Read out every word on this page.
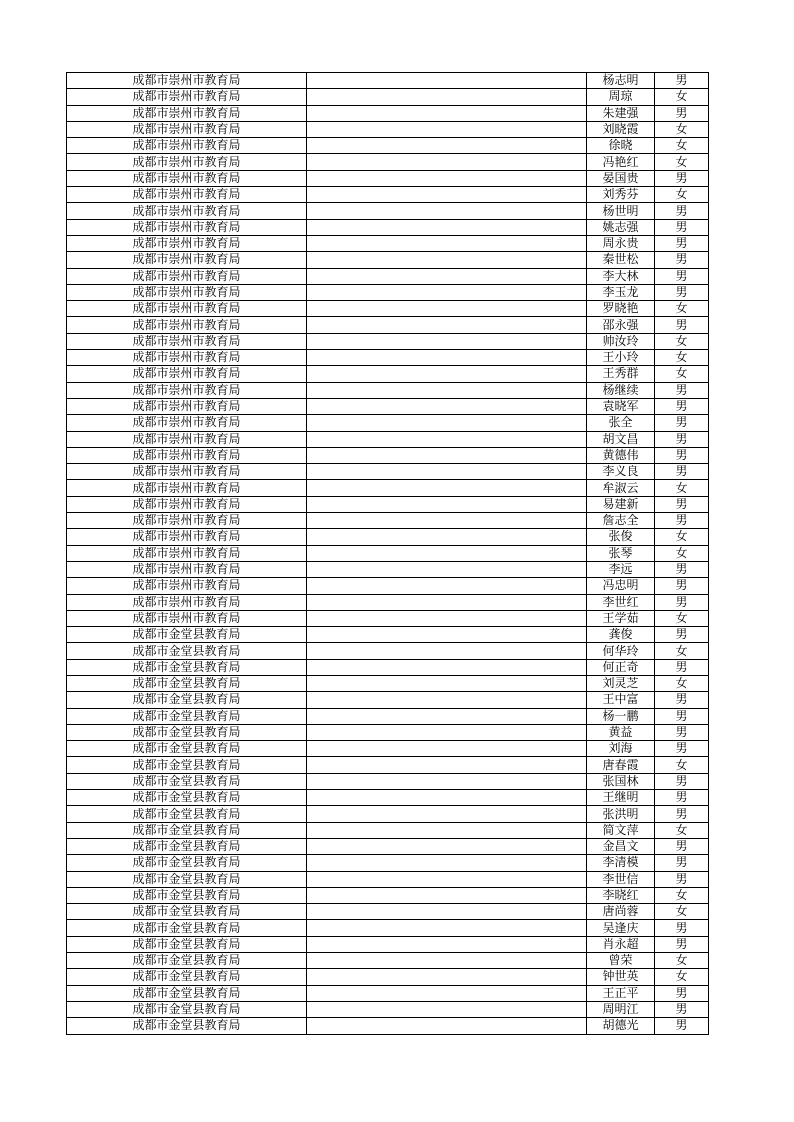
成都市崇州市教育局		杨志明	男
成都市崇州市教育局		周琼	女
成都市崇州市教育局		朱建强	男
成都市崇州市教育局		刘晓霞	女
成都市崇州市教育局		徐晓	女
成都市崇州市教育局		冯艳红	女
成都市崇州市教育局		晏国贵	男
成都市崇州市教育局		刘秀芬	女
成都市崇州市教育局		杨世明	男
成都市崇州市教育局		姚志强	男
成都市崇州市教育局		周永贵	男
成都市崇州市教育局		秦世松	男
成都市崇州市教育局		李大林	男
成都市崇州市教育局		李玉龙	男
成都市崇州市教育局		罗晓艳	女
成都市崇州市教育局		邵永强	男
成都市崇州市教育局		帅汝玲	女
成都市崇州市教育局		王小玲	女
成都市崇州市教育局		王秀群	女
成都市崇州市教育局		杨继续	男
成都市崇州市教育局		袁晓军	男
成都市崇州市教育局		张全	男
成都市崇州市教育局		胡文昌	男
成都市崇州市教育局		黄德伟	男
成都市崇州市教育局		李义良	男
成都市崇州市教育局		牟淑云	女
成都市崇州市教育局		易建新	男
成都市崇州市教育局		詹志全	男
成都市崇州市教育局		张俊	女
成都市崇州市教育局		张琴	女
成都市崇州市教育局		李远	男
成都市崇州市教育局		冯忠明	男
成都市崇州市教育局		李世红	男
成都市崇州市教育局		王学茹	女
成都市金堂县教育局		龚俊	男
成都市金堂县教育局		何华玲	女
成都市金堂县教育局		何正奇	男
成都市金堂县教育局		刘灵芝	女
成都市金堂县教育局		王中富	男
成都市金堂县教育局		杨一鹏	男
成都市金堂县教育局		黄益	男
成都市金堂县教育局		刘海	男
成都市金堂县教育局		唐春霞	女
成都市金堂县教育局		张国林	男
成都市金堂县教育局		王继明	男
成都市金堂县教育局		张洪明	男
成都市金堂县教育局		简文萍	女
成都市金堂县教育局		金昌文	男
成都市金堂县教育局		李清模	男
成都市金堂县教育局		李世信	男
成都市金堂县教育局		李晓红	女
成都市金堂县教育局		唐尚蓉	女
成都市金堂县教育局		吴逢庆	男
成都市金堂县教育局		肖永超	男
成都市金堂县教育局		曾荣	女
成都市金堂县教育局		钟世英	女
成都市金堂县教育局		王正平	男
成都市金堂县教育局		周明江	男
成都市金堂县教育局		胡德光	男
